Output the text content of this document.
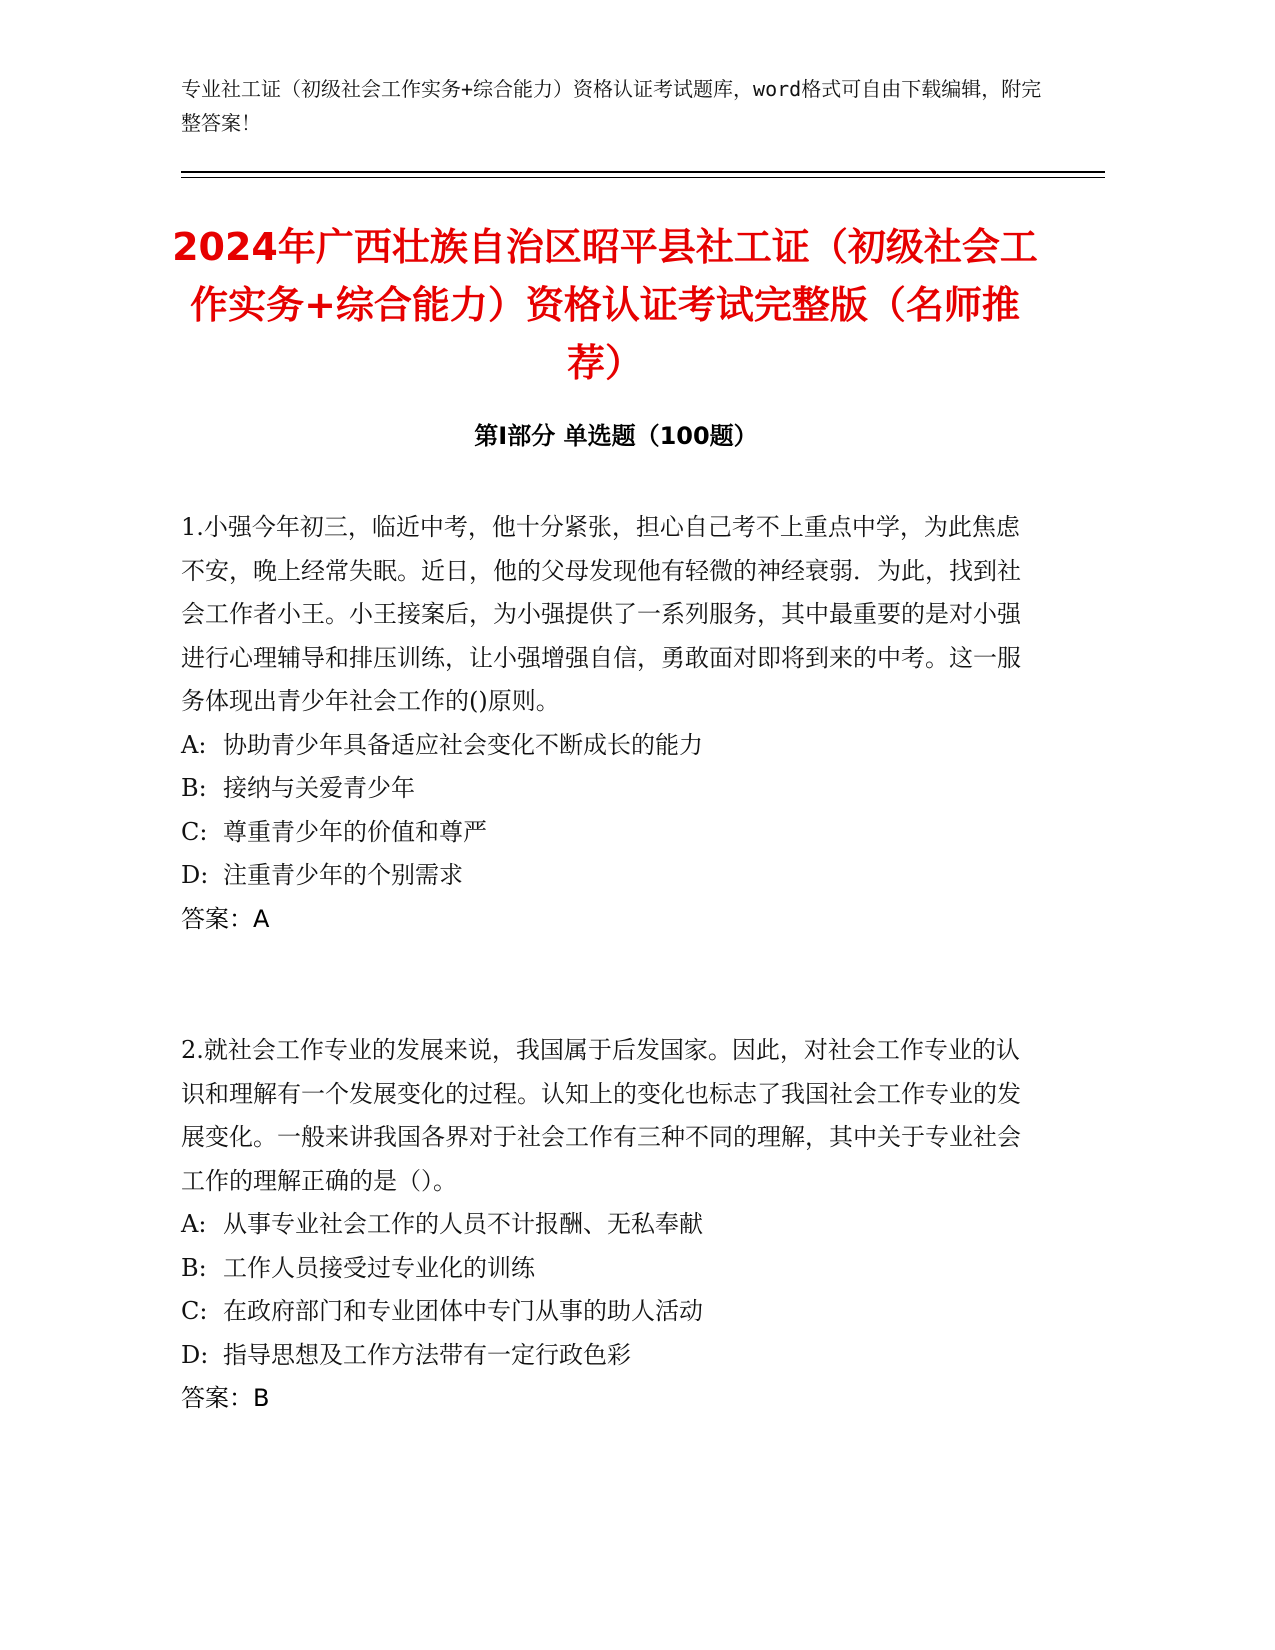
专业社工证（初级社会工作实务+综合能力）资格认证考试题库，word格式可自由下载编辑，附完整答案！
2024年广西壮族自治区昭平县社工证（初级社会工作实务+综合能力）资格认证考试完整版（名师推荐）
第Ⅰ部分 单选题（100题）
1.小强今年初三，临近中考，他十分紧张，担心自己考不上重点中学，为此焦虑不安，晚上经常失眠。近日，他的父母发现他有轻微的神经衰弱．为此，找到社会工作者小王。小王接案后，为小强提供了一系列服务，其中最重要的是对小强进行心理辅导和排压训练，让小强增强自信，勇敢面对即将到来的中考。这一服务体现出青少年社会工作的()原则。
A: 协助青少年具备适应社会变化不断成长的能力
B: 接纳与关爱青少年
C: 尊重青少年的价值和尊严
D: 注重青少年的个别需求
答案：A
2.就社会工作专业的发展来说，我国属于后发国家。因此，对社会工作专业的认识和理解有一个发展变化的过程。认知上的变化也标志了我国社会工作专业的发展变化。一般来讲我国各界对于社会工作有三种不同的理解，其中关于专业社会工作的理解正确的是（）。
A: 从事专业社会工作的人员不计报酬、无私奉献
B: 工作人员接受过专业化的训练
C: 在政府部门和专业团体中专门从事的助人活动
D: 指导思想及工作方法带有一定行政色彩
答案：B
